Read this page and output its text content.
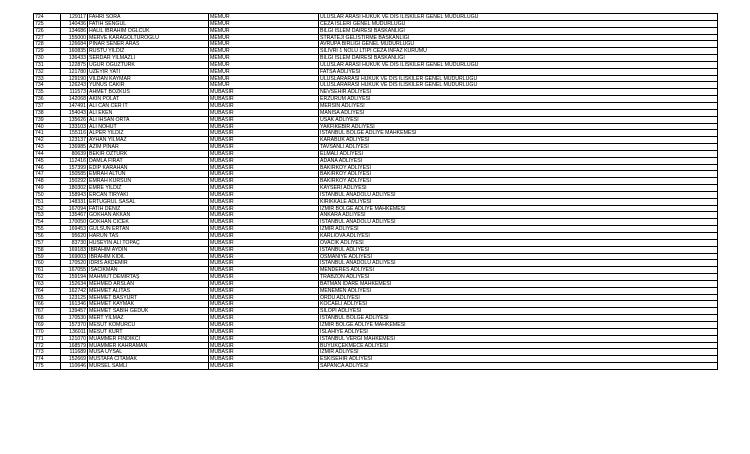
724	129117 FAHRI SORA	MEMUR	ULUSLAR ARASI HUKUK VE DIS ILISKILER GENEL MUDURLUGU
725	140436 FATIH SENGUL	MEMUR	CEZA ISLERI GENEL MUDURLUGU
726	134686 HALIL IBRAHIM OGLCUK	MEMUR	BILGI ISLEM DAIRESI BASKANLIGI
727	155000 MERVE KARAGOLTUROGLU	MEMUR	STRATEJI GELISTIRME BASKANLIGI
728	126684 PINAR SENER ARAS	MEMUR	AVRUPA BIRLIGI GENEL MUDURLUGU
729	160835 RUSTU YILDIZ	MEMUR	SILIVRI 1 NOLU LTIPI CEZA INFAZ KURUMU
730	136433 SERDAR YILMAZLI	MEMUR	BILGI ISLEM DAIRESI BASKANLIGI
731	122875 UGUR OGUZTURK	MEMUR	ULUSLAR ARASI HUKUK VE DIS ILISKILER GENEL MUDURLUGU
732	121780 UZEYIR YATI	MEMUR	FATSA ADLIYESI
733	129190 VILDAN KAYMAR	MEMUR	ULUSLARARASI HUKUK VE DIS ILISKILER GENEL MUDURLUGU
734	126243 YUNUS CAKIR	MEMUR	ULUSLARARASI HUKUK VE DIS ILISKILER GENEL MUDURLUGU
735	111573 AHMET BOZKUS	MUBASIR	NEVSEHIR ADLIYESI
736	142068 AKIN POLAT	MUBASIR	ERZURUM ADLIYESI
737	147491 ALI CAN CER IT	MUBASIR	MERSIN ADLIYESI
738	154043 ALI EKEN	MUBASIR	MANISA ADLIYESI
739	135626 ALI IHSAN ORTA	MUBASIR	USAK ADLIYESI
740	133103 ALI NOHUT	MUBASIR	YAKFIKEBIR ADLIYESI
741	155116 ALPER YILDIZ	MUBASIR	ISTANBUL BOLGE ADLIYE MAHKEMESI
742	123137 AYHAN YILMAZ	MUBASIR	KARABUK ADLIYESI
743	136985 AZIM PINAR	MUBASIR	TAVSANLI ADLIYESI
744	80639 BEKIR OZTURK	MUBASIR	ELMALI ADLIYESI
745	112416 DAMLA FIRAT	MUBASIR	ADANA ADLIYESI
746	157399 EDIP KARAHAN	MUBASIR	BAKIRKOY ADLIYESI
747	150585 EMRAH ALTUN	MUBASIR	BAKIRKOY ADLIYESI
748	150292 EMRAH KURSUN	MUBASIR	BAKIRKOY ADLIYESI
749	180302 EMRE YILDIZ	MUBASIR	KAYSERI ADLIYESI
750	158943 ERCAN TIRYAKI	MUBASIR	ISTANBUL ANADOLU ADLIYESI
751	148331 ERTUGRUL SASAL	MUBASIR	KIRIKKALE ADLIYESI
752	167094 FATIH DENIZ	MUBASIR	IZMIR BOLGE ADLIYE MAHKEMESI
753	135467 GOKHAN AKKAN	MUBASIR	ANKARA ADLIYESI
754	170050 GOKHAN CICEK	MUBASIR	ISTANBUL ANADOLU ADLIYESI
755	169453 GULSUN ERTAN	MUBASIR	IZMIR ADLIYESI
756	95620 HARUN TAS	MUBASIR	KARLIOVA ADLIYESI
757	83730 HUSEYIN ALI TOPAÇ	MUBASIR	OVACIK ADLIYESI
758	169183 IBRAHIM AYDIN	MUBASIR	ISTANBUL ADLIYESI
759	169003 IBRAHIM KIDIL	MUBASIR	OSMANIYE ADLIYESI
760	170520 IDRIS AKDEMIR	MUBASIR	ISTANBUL ANADOLU ADLIYESI
761	167055 ISACIKMAN	MUBASIR	MENDERES ADLIYESI
762	159194 MAHMUT DEMIRTAŞ	MUBASIR	TRABZON ADLIYESI
763	152634 MEHMED ARSLAN	MUBASIR	BATMAN IDARE MAHKEMESI
764	162742 MEHMET ALITAS	MUBASIR	MENEMEN ADLIYESI
765	123125 MEHMET BASYURT	MUBASIR	ORDU ADLIYESI
766	161346 MEHMET KAYMAK	MUBASIR	KOCAELI ADLIYESI
767	139457 MEHMET SABIH GEDUK	MUBASIR	SILOPI ADLIYESI
768	170530 MERT YILMAZ	MUBASIR	ISTANBUL BOLGE ADLIYESI
769	157370 MESUT KOMURCU	MUBASIR	IZMIR BOLGE ADLIYE MAHKEMESI
770	136011 MESUT KURT	MUBASIR	ISLAHIYE ADLIYESI
771	121070 MUAMMER FINDIKCI	MUBASIR	ISTANBUL VERGI MAHKEMESI
772	168579 MUAMMER KAHRAMAN	MUBASIR	BUYUKÇEKMECE ADLIYESI
773	111689 MUSA UYSAL	MUBASIR	IZMIR ADLIYESI
774	152669 MUSTAFA CITAMAK	MUBASIR	ESKISEHIR ADLIYESI
775	110646 MURSEL SAMLI	MUBASIR	SAPANCA ADLIYESI
